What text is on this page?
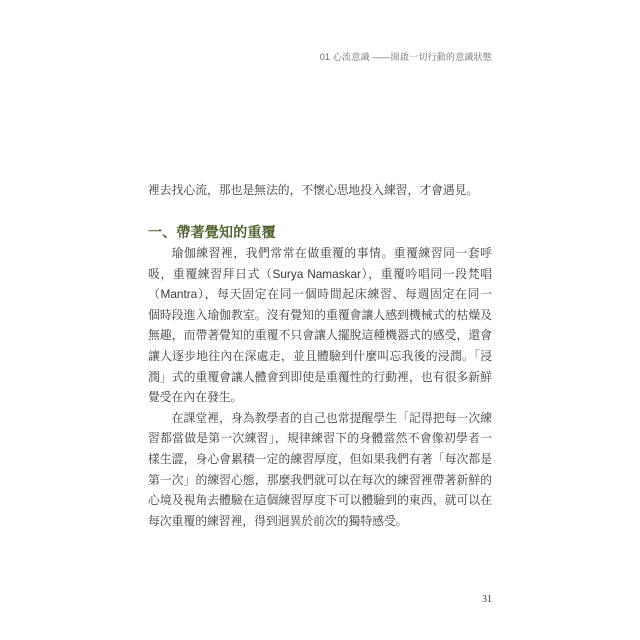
01 心流意識 ——開啟一切行動的意識狀態
裡去找心流，那也是無法的，不懷心思地投入練習，才會遇見。
一、帶著覺知的重覆
瑜伽練習裡，我們常常在做重覆的事情。重覆練習同一套呼
吸，重覆練習拜日式（Surya Namaskar），重覆吟唱同一段梵唱
（Mantra），每天固定在同一個時間起床練習、每週固定在同一
個時段進入瑜伽教室。沒有覺知的重覆會讓人感到機械式的枯燥及
無趣，而帶著覺知的重覆不只會讓人擺脫這種機器式的感受，還會
讓人逐步地往內在深處走，並且體驗到什麼叫忘我後的浸潤。「浸
潤」式的重覆會讓人體會到即使是重覆性的行動裡，也有很多新鮮
覺受在內在發生。
在課堂裡，身為教學者的自己也常提醒學生「記得把每一次練
習都當做是第一次練習」，規律練習下的身體當然不會像初學者一
樣生澀，身心會累積一定的練習厚度，但如果我們有著「每次都是
第一次」的練習心態，那麼我們就可以在每次的練習裡帶著新鮮的
心境及視角去體驗在這個練習厚度下可以體驗到的東西，就可以在
每次重覆的練習裡，得到迥異於前次的獨特感受。
31
